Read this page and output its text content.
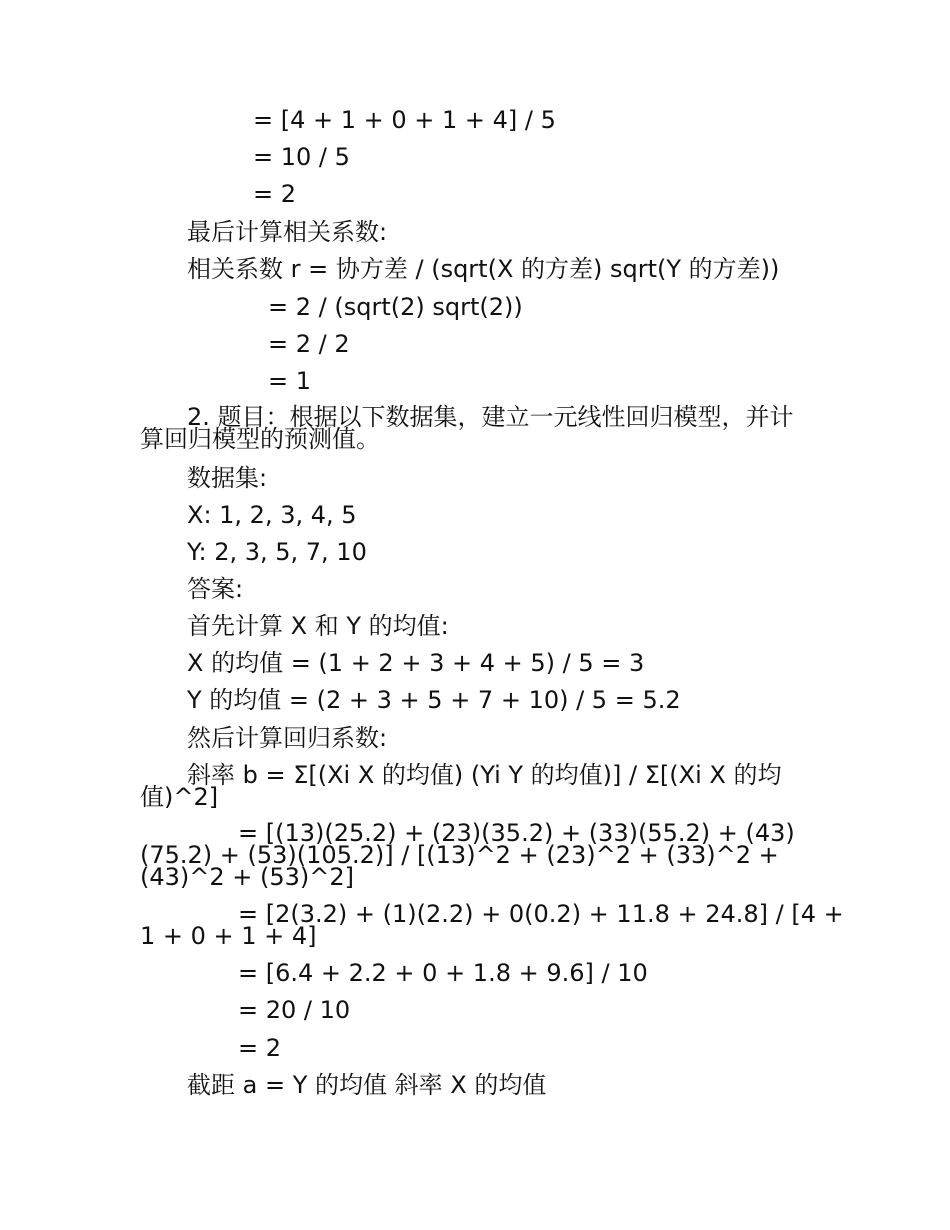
= [4 + 1 + 0 + 1 + 4] / 5

= 10 / 5

= 2

最后计算相关系数:

相关系数 r = 协方差 / (sqrt(X 的方差) sqrt(Y 的方差))

= 2 / (sqrt(2) sqrt(2))

= 2 / 2

= 1

2. 题目：根据以下数据集，建立一元线性回归模型，并计
算回归模型的预测值。

数据集:

X: 1, 2, 3, 4, 5

Y: 2, 3, 5, 7, 10

答案:

首先计算 X 和 Y 的均值:

X 的均值 = (1 + 2 + 3 + 4 + 5) / 5 = 3

Y 的均值 = (2 + 3 + 5 + 7 + 10) / 5 = 5.2

然后计算回归系数:

斜率 b = Σ[(Xi X 的均值) (Yi Y 的均值)] / Σ[(Xi X 的均
值)^2]
= [(13)(25.2) + (23)(35.2) + (33)(55.2) + (43)
(75.2) + (53)(105.2)] / [(13)^2 + (23)^2 + (33)^2 +
(43)^2 + (53)^2]
= [2(3.2) + (1)(2.2) + 0(0.2) + 11.8 + 24.8] / [4 +
1 + 0 + 1 + 4]

= [6.4 + 2.2 + 0 + 1.8 + 9.6] / 10

= 20 / 10

= 2

截距 a = Y 的均值 斜率 X 的均值
